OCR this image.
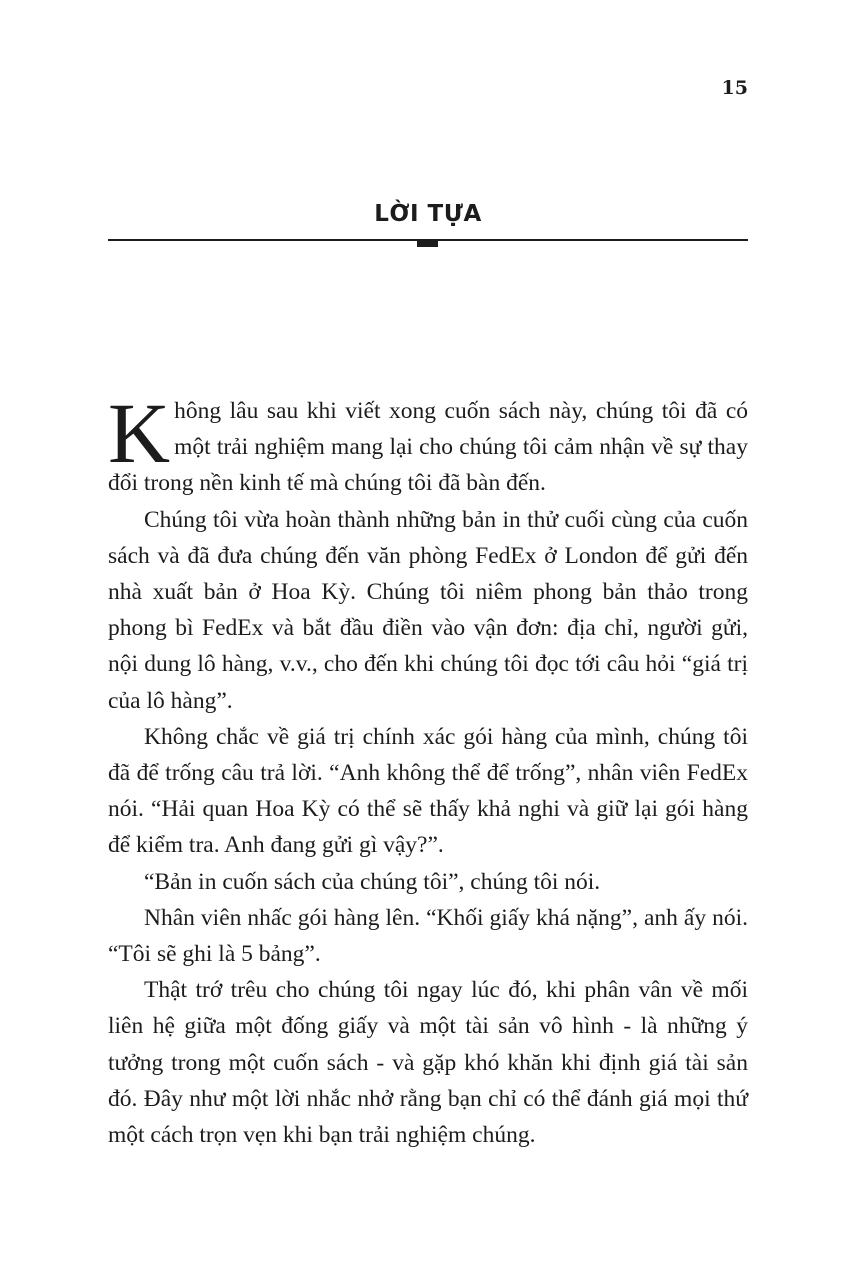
15
LỜI TỰA

Không lâu sau khi viết xong cuốn sách này, chúng tôi đã có một trải nghiệm mang lại cho chúng tôi cảm nhận về sự thay đổi trong nền kinh tế mà chúng tôi đã bàn đến.

Chúng tôi vừa hoàn thành những bản in thử cuối cùng của cuốn sách và đã đưa chúng đến văn phòng FedEx ở London để gửi đến nhà xuất bản ở Hoa Kỳ. Chúng tôi niêm phong bản thảo trong phong bì FedEx và bắt đầu điền vào vận đơn: địa chỉ, người gửi, nội dung lô hàng, v.v., cho đến khi chúng tôi đọc tới câu hỏi “giá trị của lô hàng”.

Không chắc về giá trị chính xác gói hàng của mình, chúng tôi đã để trống câu trả lời. “Anh không thể để trống”, nhân viên FedEx nói. “Hải quan Hoa Kỳ có thể sẽ thấy khả nghi và giữ lại gói hàng để kiểm tra. Anh đang gửi gì vậy?”.

“Bản in cuốn sách của chúng tôi”, chúng tôi nói.

Nhân viên nhấc gói hàng lên. “Khối giấy khá nặng”, anh ấy nói. “Tôi sẽ ghi là 5 bảng”.

Thật trớ trêu cho chúng tôi ngay lúc đó, khi phân vân về mối liên hệ giữa một đống giấy và một tài sản vô hình - là những ý tưởng trong một cuốn sách - và gặp khó khăn khi định giá tài sản đó. Đây như một lời nhắc nhở rằng bạn chỉ có thể đánh giá mọi thứ một cách trọn vẹn khi bạn trải nghiệm chúng.
